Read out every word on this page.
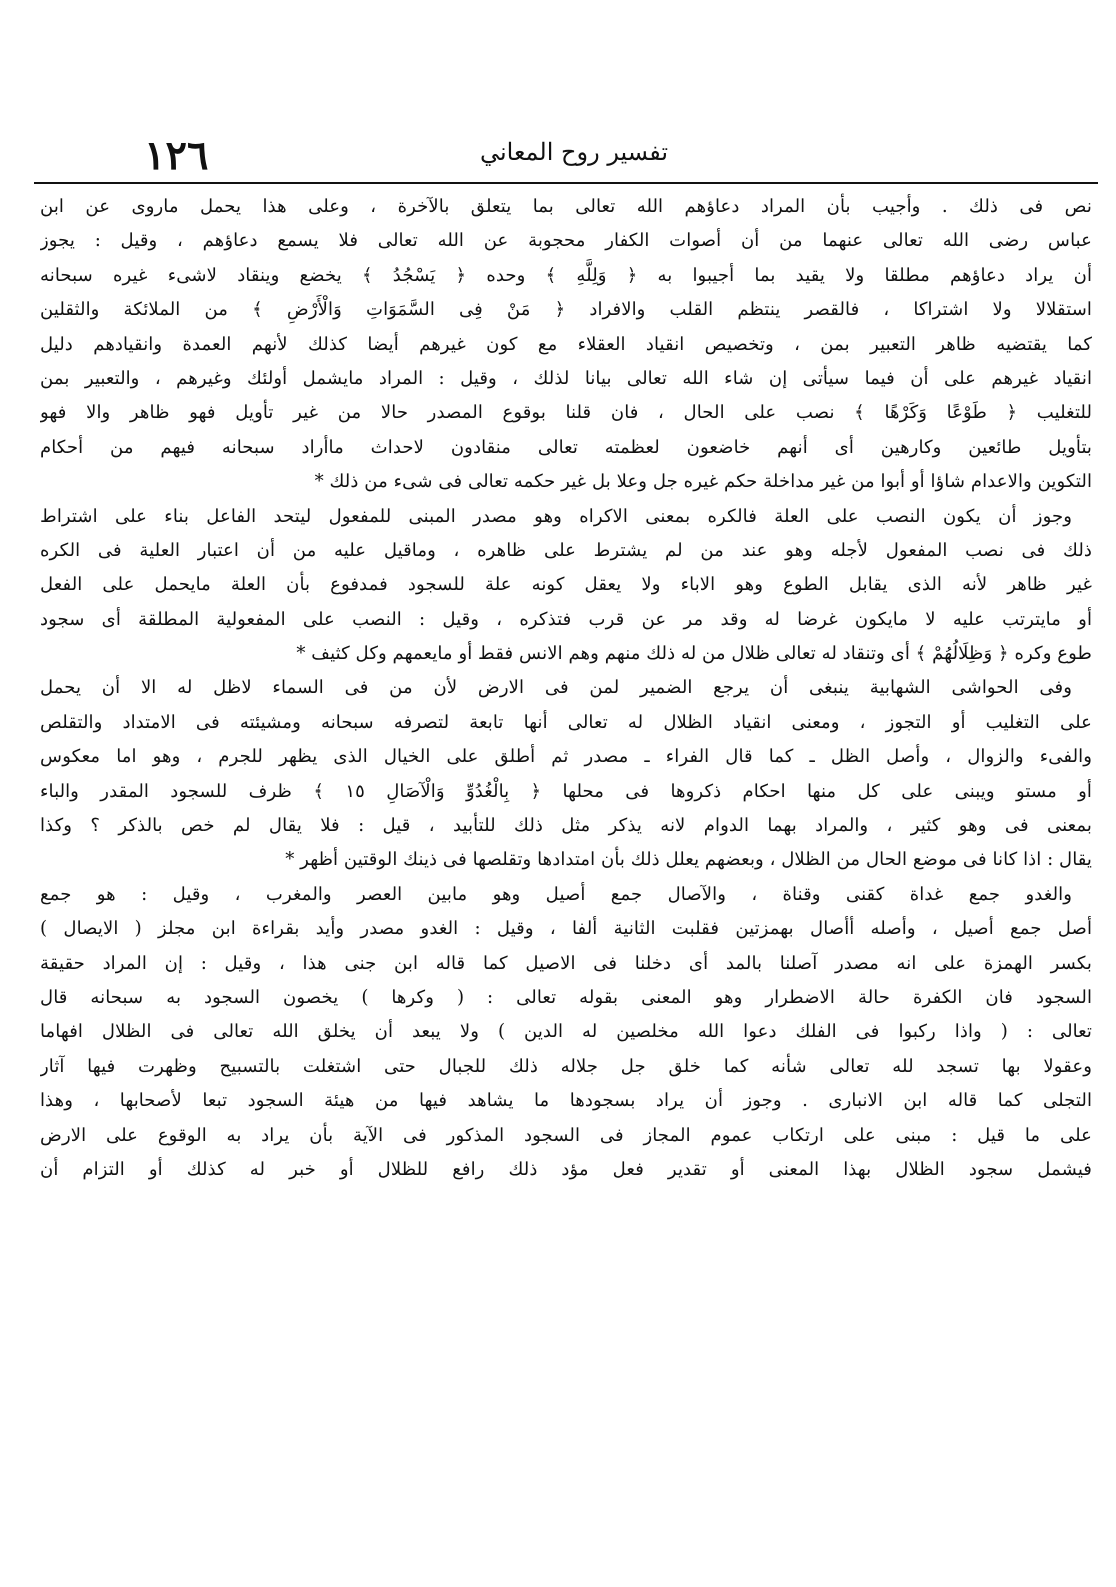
١٢٦	تفسير روح المعاني
نص فى ذلك . وأجيب بأن المراد دعاؤهم الله تعالى بما يتعلق بالآخرة ، وعلى هذا يحمل ماروى عن ابن
عباس رضى الله تعالى عنهما من أن أصوات الكفار محجوبة عن الله تعالى فلا يسمع دعاؤهم ، وقيل : يجوز
أن يراد دعاؤهم مطلقا ولا يقيد بما أجيبوا به ﴿ وَلِلَّهِ ﴾ وحده ﴿ يَسْجُدُ ﴾ يخضع وينقاد لاشىء غيره سبحانه
استقلالا ولا اشتراكا ، فالقصر ينتظم القلب والافراد ﴿ مَنْ فِى السَّمَوَاتِ وَالْأَرْضِ ﴾ من الملائكة والثقلين
كما يقتضيه ظاهر التعبير بمن ، وتخصيص انقياد العقلاء مع كون غيرهم أيضا كذلك لأنهم العمدة وانقيادهم دليل
انقياد غيرهم على أن فيما سيأتى إن شاء الله تعالى بيانا لذلك ، وقيل : المراد مايشمل أولئك وغيرهم ، والتعبير بمن
للتغليب ﴿ طَوْعًا وَكَرْهًا ﴾ نصب على الحال ، فان قلنا بوقوع المصدر حالا من غير تأويل فهو ظاهر والا فهو
بتأويل طائعين وكارهين أى أنهم خاضعون لعظمته تعالى منقادون لاحداث ماأراد سبحانه فيهم من أحكام
التكوين والاعدام شاؤا أو أبوا من غير مداخلة حكم غيره جل وعلا بل غير حكمه تعالى فى شىء من ذلك *
وجوز أن يكون النصب على العلة فالكره بمعنى الاكراه وهو مصدر المبنى للمفعول ليتحد الفاعل بناء على اشتراط
ذلك فى نصب المفعول لأجله وهو عند من لم يشترط على ظاهره ، وماقيل عليه من أن اعتبار العلية فى الكره
غير ظاهر لأنه الذى يقابل الطوع وهو الاباء ولا يعقل كونه علة للسجود فمدفوع بأن العلة مايحمل على الفعل
أو مايترتب عليه لا مايكون غرضا له وقد مر عن قرب فتذكره ، وقيل : النصب على المفعولية المطلقة أى سجود
طوع وكره ﴿ وَظِلَالُهُمْ ﴾ أى وتنقاد له تعالى ظلال من له ذلك منهم وهم الانس فقط أو مايعمهم وكل كثيف *
وفى الحواشى الشهابية ينبغى أن يرجع الضمير لمن فى الارض لأن من فى السماء لاظل له الا أن يحمل
على التغليب أو التجوز ، ومعنى انقياد الظلال له تعالى أنها تابعة لتصرفه سبحانه ومشيئته فى الامتداد والتقلص
والفىء والزوال ، وأصل الظل ـ كما قال الفراء ـ مصدر ثم أطلق على الخيال الذى يظهر للجرم ، وهو اما معكوس
أو مستو ويبنى على كل منها احكام ذكروها فى محلها ﴿ بِالْغُدُوِّ وَالْآصَالِ ١٥ ﴾ ظرف للسجود المقدر والباء
بمعنى فى وهو كثير ، والمراد بهما الدوام لانه يذكر مثل ذلك للتأبيد ، قيل : فلا يقال لم خص بالذكر ؟ وكذا
يقال : اذا كانا فى موضع الحال من الظلال ، وبعضهم يعلل ذلك بأن امتدادها وتقلصها فى ذينك الوقتين أظهر *
والغدو جمع غداة كقنى وقناة ، والآصال جمع أصيل وهو مابين العصر والمغرب ، وقيل : هو جمع
أصل جمع أصيل ، وأصله أأصال بهمزتين فقلبت الثانية ألفا ، وقيل : الغدو مصدر وأيد بقراءة ابن مجلز ( الايصال )
بكسر الهمزة على انه مصدر آصلنا بالمد أى دخلنا فى الاصيل كما قاله ابن جنى هذا ، وقيل : إن المراد حقيقة
السجود فان الكفرة حالة الاضطرار وهو المعنى بقوله تعالى : ( وكرها ) يخصون السجود به سبحانه قال
تعالى : ( واذا ركبوا فى الفلك دعوا الله مخلصين له الدين ) ولا يبعد أن يخلق الله تعالى فى الظلال افهاما
وعقولا بها تسجد لله تعالى شأنه كما خلق جل جلاله ذلك للجبال حتى اشتغلت بالتسبيح وظهرت فيها آثار
التجلى كما قاله ابن الانبارى . وجوز أن يراد بسجودها ما يشاهد فيها من هيئة السجود تبعا لأصحابها ، وهذا
على ما قيل : مبنى على ارتكاب عموم المجاز فى السجود المذكور فى الآية بأن يراد به الوقوع على الارض
فيشمل سجود الظلال بهذا المعنى أو تقدير فعل مؤد ذلك رافع للظلال أو خبر له كذلك أو التزام أن
